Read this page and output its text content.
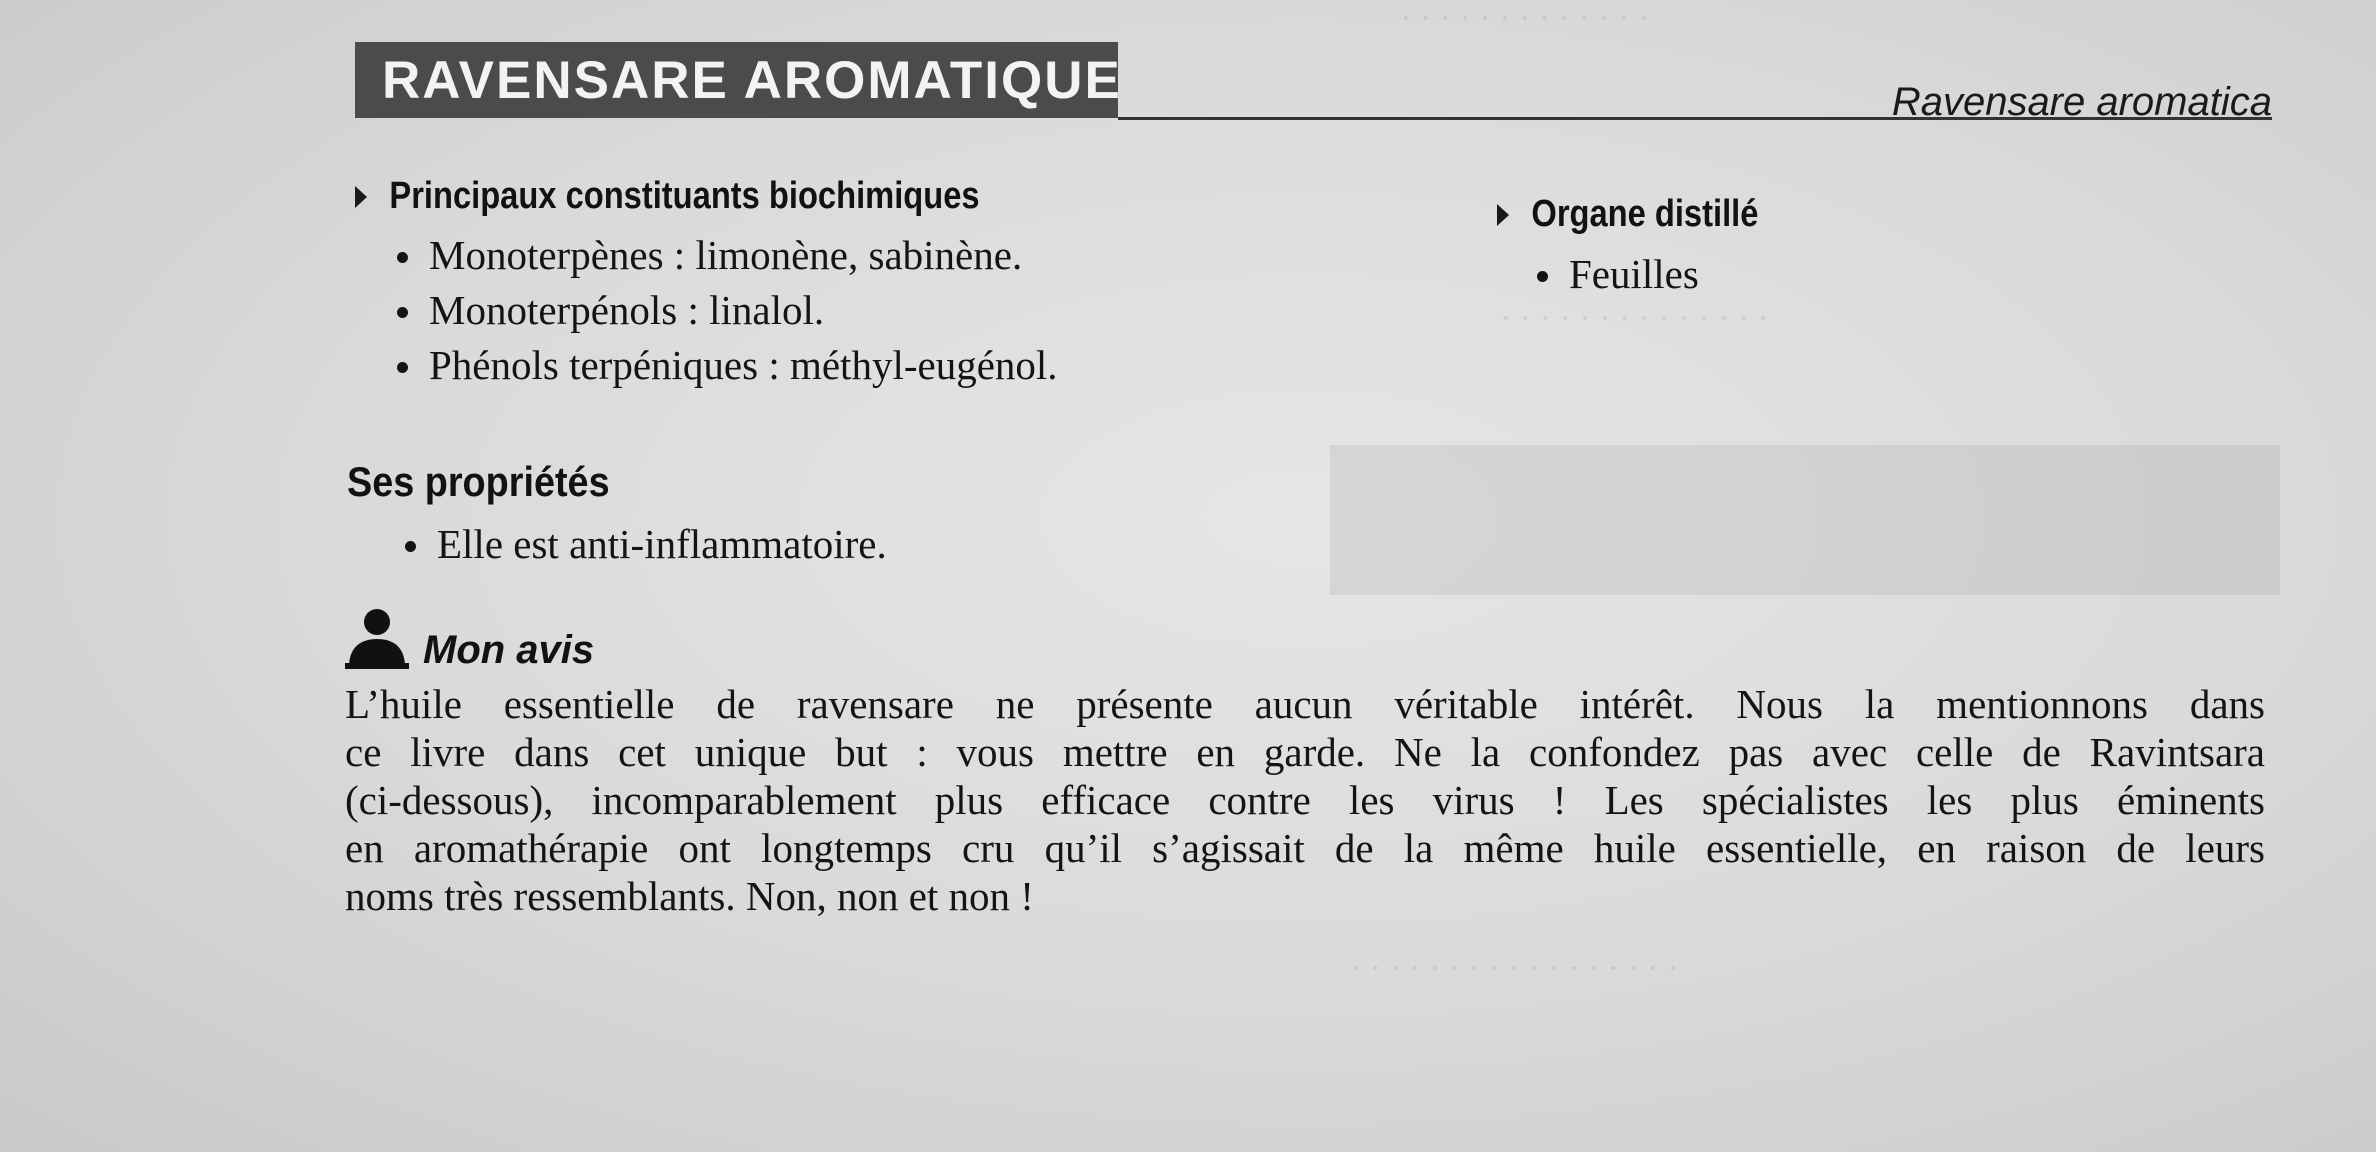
· · · · · · · · · · · · ·
· · · · · · · · · · · · · ·
· · · · · · · · · · · · · · · · ·
RAVENSARE AROMATIQUE	Ravensare aromatica
Principaux constituants biochimiques
Monoterpènes : limonène, sabinène.
Monoterpénols : linalol.
Phénols terpéniques : méthyl-eugénol.
Organe distillé
Feuilles
Ses propriétés
Elle est anti-inflammatoire.
Mon avis

L’huile essentielle de ravensare ne présente aucun véritable intérêt. Nous la mentionnons dans
ce livre dans cet unique but : vous mettre en garde. Ne la confondez pas avec celle de Ravintsara
(ci-dessous), incomparablement plus efficace contre les virus ! Les spécialistes les plus éminents
en aromathérapie ont longtemps cru qu’il s’agissait de la même huile essentielle, en raison de leurs
noms très ressemblants. Non, non et non !
